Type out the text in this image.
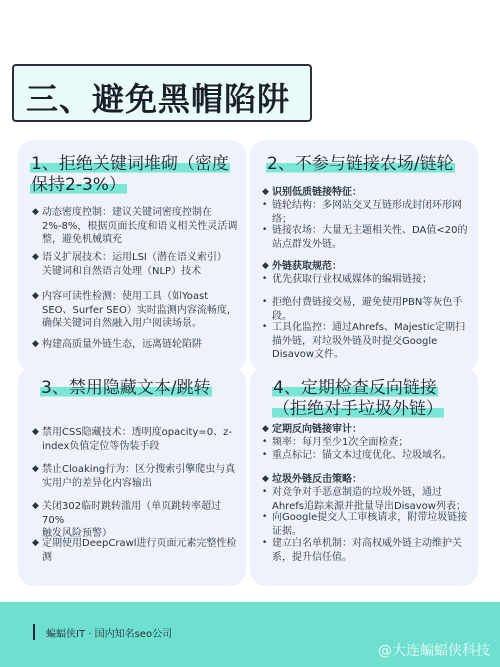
三、避免黑帽陷阱
1、拒绝关键词堆砌（密度
保持2-3%）
◆ 动态密度控制：建议关键词密度控制在
2%-8%，根据页面长度和语义相关性灵活调
整，避免机械填充
◆ 语义扩展技术：运用LSI（潜在语义索引）
关键词和自然语言处理（NLP）技术
◆ 内容可读性检测：使用工具（如Yoast
SEO、Surfer SEO）实时监测内容流畅度，
确保关键词自然融入用户阅读场景。
◆ 构建高质量外链生态，远离链轮陷阱
2、不参与链接农场/链轮
◆ 识别低质链接特征：
• 链轮结构：多网站交叉互链形成封闭环形网
络；
• 链接农场：大量无主题相关性、DA值<20的
站点群发外链。
◆ 外链获取规范：
• 优先获取行业权威媒体的编辑链接；
• 拒绝付费链接交易，避免使用PBN等灰色手
段。
• 工具化监控：通过Ahrefs、Majestic定期扫
描外链，对垃圾外链及时提交Google
Disavow文件。
3、禁用隐藏文本/跳转
◆ 禁用CSS隐藏技术：透明度opacity=0、z-
index负值定位等伪装手段
◆ 禁止Cloaking行为：区分搜索引擎爬虫与真
实用户的差异化内容输出
◆ 关闭302临时跳转滥用（单页跳转率超过70%
触发风险预警）
◆ 定期使用DeepCrawl进行页面元素完整性检
测
4、定期检查反向链接
（拒绝对手垃圾外链）
◆ 定期反向链接审计：
• 频率：每月至少1次全面检查；
• 重点标记：锚文本过度优化、垃圾域名。
◆ 垃圾外链反击策略：
• 对竞争对手恶意制造的垃圾外链，通过
Ahrefs追踪来源并批量导出Disavow列表；
• 向Google提交人工审核请求，附带垃圾链接
证据。
• 建立白名单机制：对高权威外链主动维护关
系，提升信任值。
蝙蝠侠IT · 国内知名seo公司
@大连蝙蝠侠科技
